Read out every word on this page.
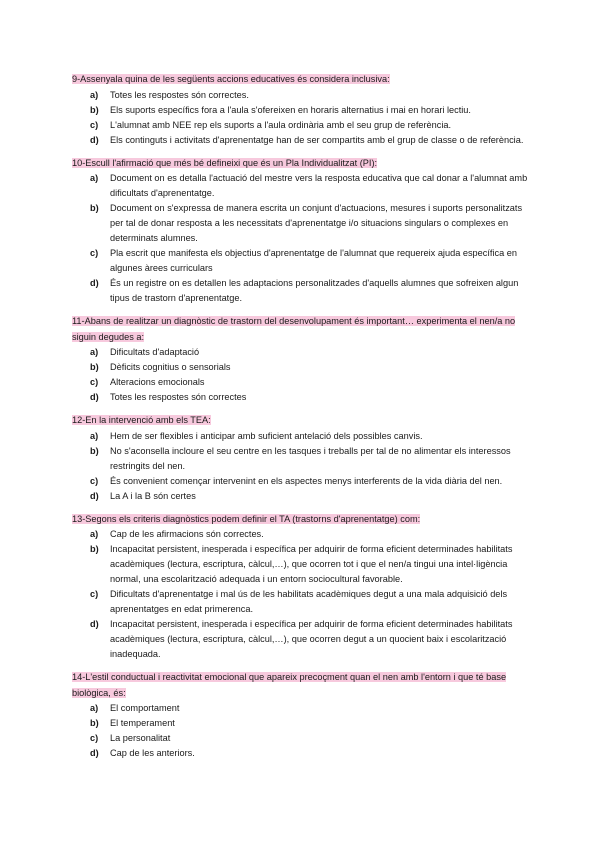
9-Assenyala quina de les següents accions educatives és considera inclusiva:

a) Totes les respostes són correctes.
b) Els suports específics fora a l'aula s'ofereixen en horaris alternatius i mai en horari lectiu.
c) L'alumnat amb NEE rep els suports a l'aula ordinària amb el seu grup de referència.
d) Els continguts i activitats d'aprenentatge han de ser compartits amb el grup de classe o de referència.

10-Escull l'afirmació que més bé defineixi que és un Pla Individualitzat (PI):

a) Document on es detalla l'actuació del mestre vers la resposta educativa que cal donar a l'alumnat amb dificultats d'aprenentatge.
b) Document on s'expressa de manera escrita un conjunt d'actuacions, mesures i suports personalitzats per tal de donar resposta a les necessitats d'aprenentatge i/o situacions singulars o complexes en determinats alumnes.
c) Pla escrit que manifesta els objectius d'aprenentatge de l'alumnat que requereix ajuda específica en algunes àrees curriculars
d) És un registre on es detallen les adaptacions personalitzades d'aquells alumnes que sofreixen algun tipus de trastorn d'aprenentatge.

11-Abans de realitzar un diagnòstic de trastorn del desenvolupament és important… experimenta el nen/a no siguin degudes a:

a) Dificultats d'adaptació
b) Dèficits cognitius o sensorials
c) Alteracions emocionals
d) Totes les respostes són correctes

12-En la intervenció amb els TEA:

a) Hem de ser flexibles i anticipar amb suficient antelació dels possibles canvis.
b) No s'aconsella incloure el seu centre en les tasques i treballs per tal de no alimentar els interessos restringits del nen.
c) És convenient començar intervenint en els aspectes menys interferents de la vida diària del nen.
d) La A i la B són certes

13-Segons els criteris diagnòstics podem definir el TA (trastorns d'aprenentatge) com:

a) Cap de les afirmacions són correctes.
b) Incapacitat persistent, inesperada i específica per adquirir de forma eficient determinades habilitats acadèmiques (lectura, escriptura, càlcul,…), que ocorren tot i que el nen/a tingui una intel·ligència normal, una escolarització adequada i un entorn sociocultural favorable.
c) Dificultats d'aprenentatge i mal ús de les habilitats acadèmiques degut a una mala adquisició dels aprenentatges en edat primerenca.
d) Incapacitat persistent, inesperada i específica per adquirir de forma eficient determinades habilitats acadèmiques (lectura, escriptura, càlcul,…), que ocorren degut a un quocient baix i escolarització inadequada.

14-L'estil conductual i reactivitat emocional que apareix precoçment quan el nen amb l'entorn i que té base biològica, és:

a) El comportament
b) El temperament
c) La personalitat
d) Cap de les anteriors.
